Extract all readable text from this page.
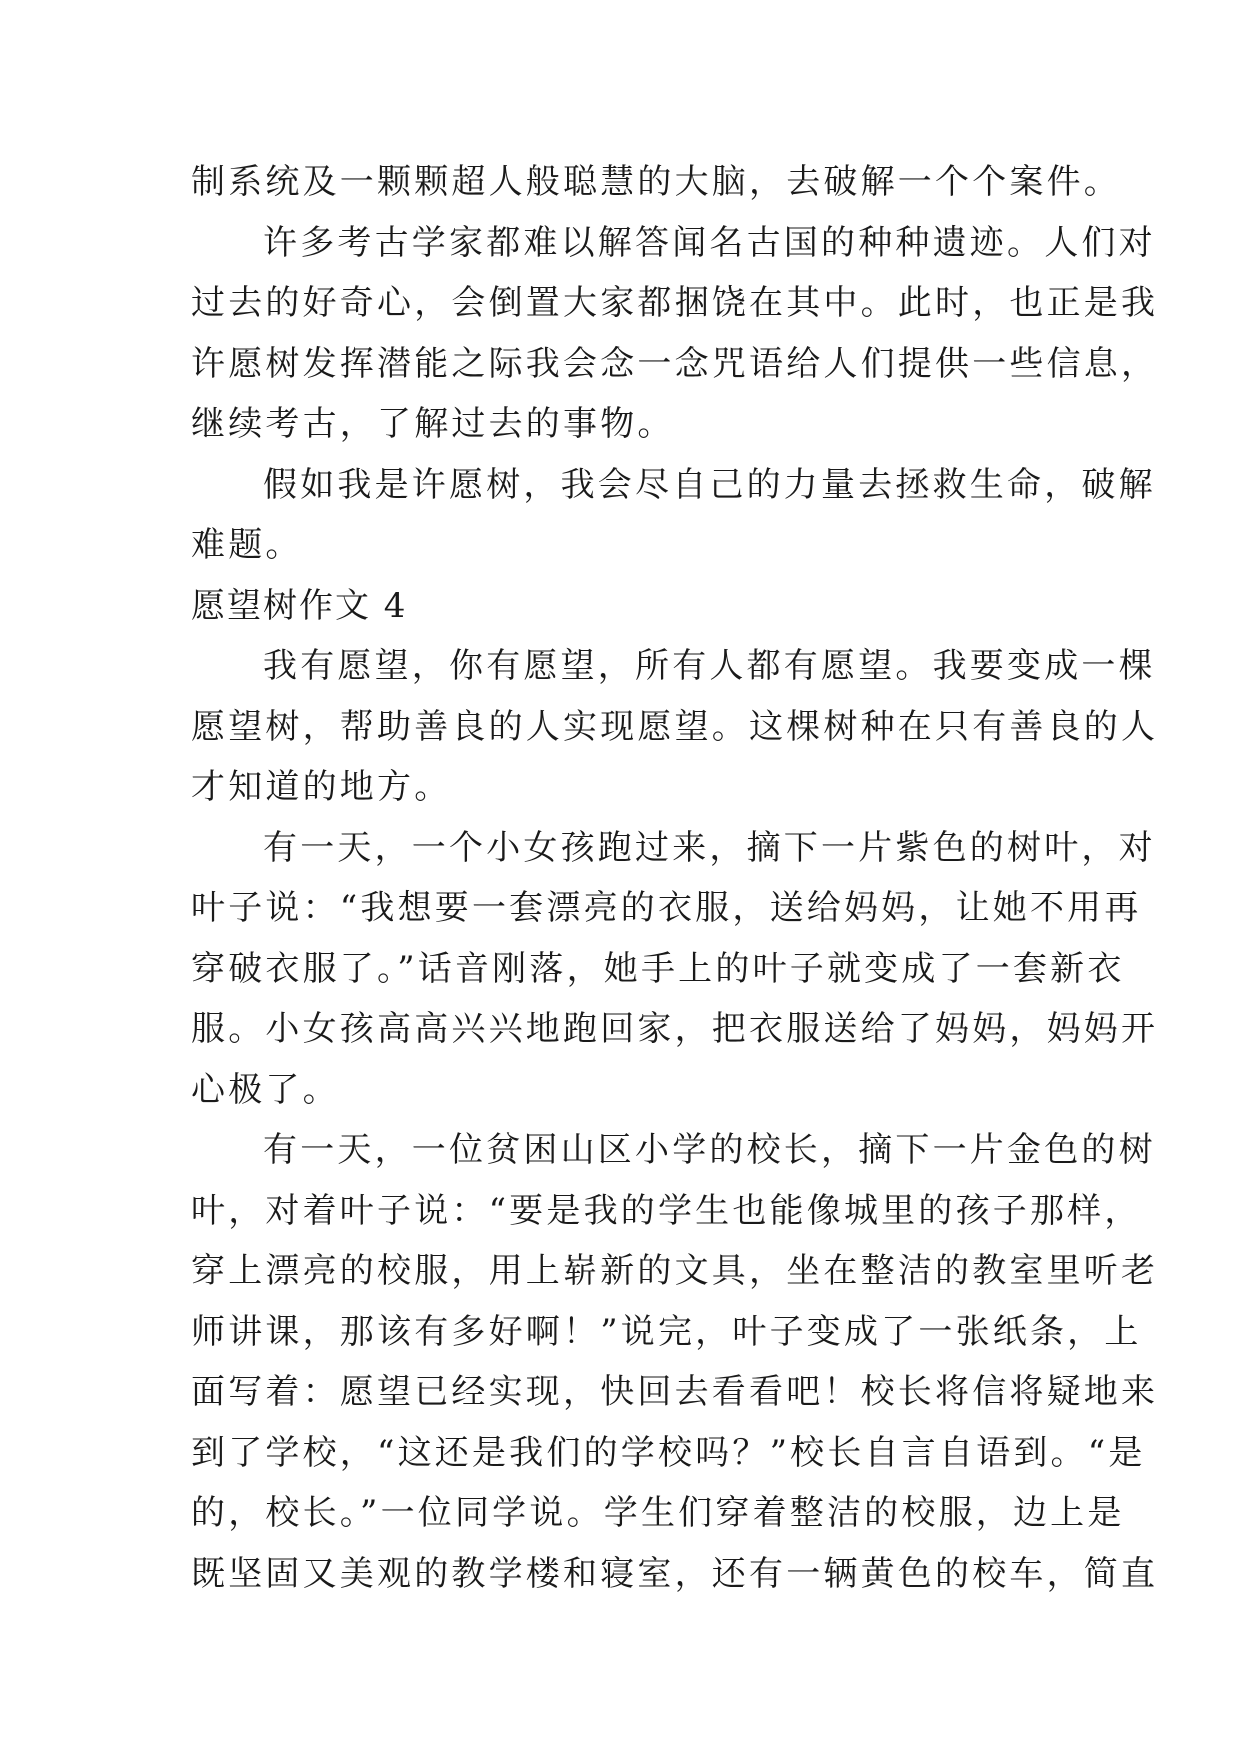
制系统及一颗颗超人般聪慧的大脑，去破解一个个案件。
许多考古学家都难以解答闻名古国的种种遗迹。人们对
过去的好奇心，会倒置大家都捆饶在其中。此时，也正是我
许愿树发挥潜能之际我会念一念咒语给人们提供一些信息，
继续考古，了解过去的事物。
假如我是许愿树，我会尽自己的力量去拯救生命，破解
难题。
愿望树作文 4
我有愿望，你有愿望，所有人都有愿望。我要变成一棵
愿望树，帮助善良的人实现愿望。这棵树种在只有善良的人
才知道的地方。
有一天，一个小女孩跑过来，摘下一片紫色的树叶，对
叶子说：“我想要一套漂亮的衣服，送给妈妈，让她不用再
穿破衣服了。”话音刚落，她手上的叶子就变成了一套新衣
服。小女孩高高兴兴地跑回家，把衣服送给了妈妈，妈妈开
心极了。
有一天，一位贫困山区小学的校长，摘下一片金色的树
叶，对着叶子说：“要是我的学生也能像城里的孩子那样，
穿上漂亮的校服，用上崭新的文具，坐在整洁的教室里听老
师讲课，那该有多好啊！”说完，叶子变成了一张纸条，上
面写着：愿望已经实现，快回去看看吧！校长将信将疑地来
到了学校，“这还是我们的学校吗？”校长自言自语到。“是
的，校长。”一位同学说。学生们穿着整洁的校服，边上是
既坚固又美观的教学楼和寝室，还有一辆黄色的校车，简直
